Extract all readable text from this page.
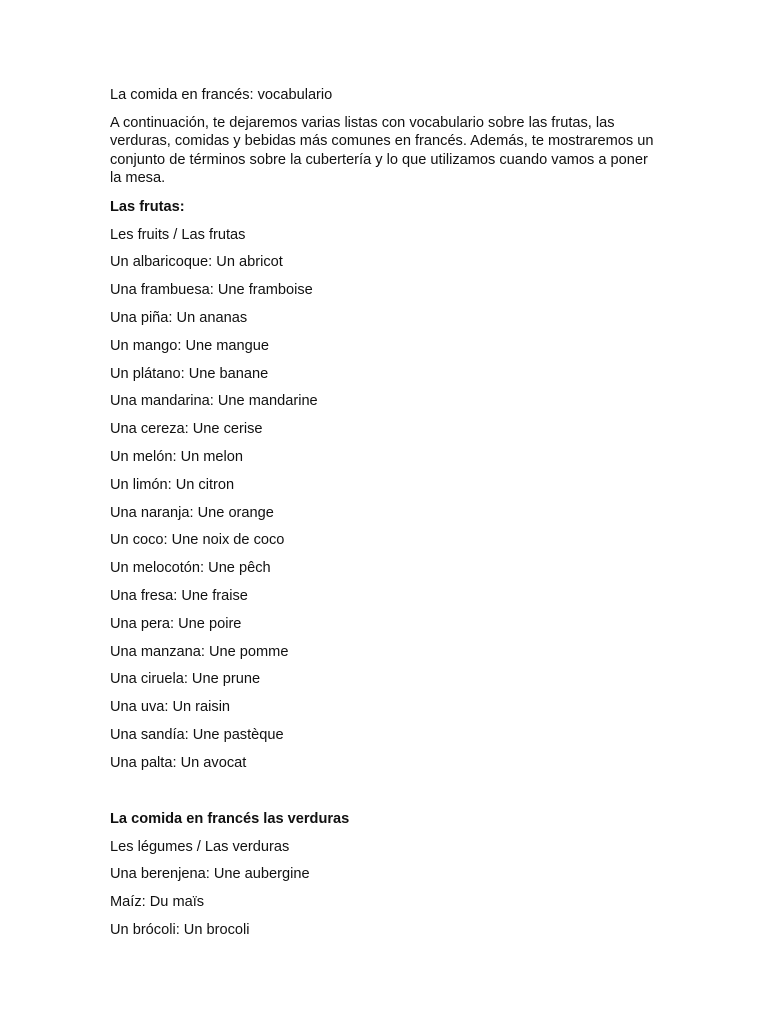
La comida en francés: vocabulario
A continuación, te dejaremos varias listas con vocabulario sobre las frutas, las verduras, comidas y bebidas más comunes en francés. Además, te mostraremos un conjunto de términos sobre la cubertería y lo que utilizamos cuando vamos a poner la mesa.
Las frutas:
Les fruits / Las frutas
Un albaricoque: Un abricot
Una frambuesa: Une framboise
Una piña: Un ananas
Un mango: Une mangue
Un plátano: Une banane
Una mandarina: Une mandarine
Una cereza: Une cerise
Un melón: Un melon
Un limón: Un citron
Una naranja: Une orange
Un coco: Une noix de coco
Un melocotón: Une pêch
Una fresa: Une fraise
Una pera: Une poire
Una manzana: Une pomme
Una ciruela: Une prune
Una uva: Un raisin
Una sandía: Une pastèque
Una palta: Un avocat
La comida en francés las verduras
Les légumes / Las verduras
Una berenjena: Une aubergine
Maíz: Du maïs
Un brócoli: Un brocoli
